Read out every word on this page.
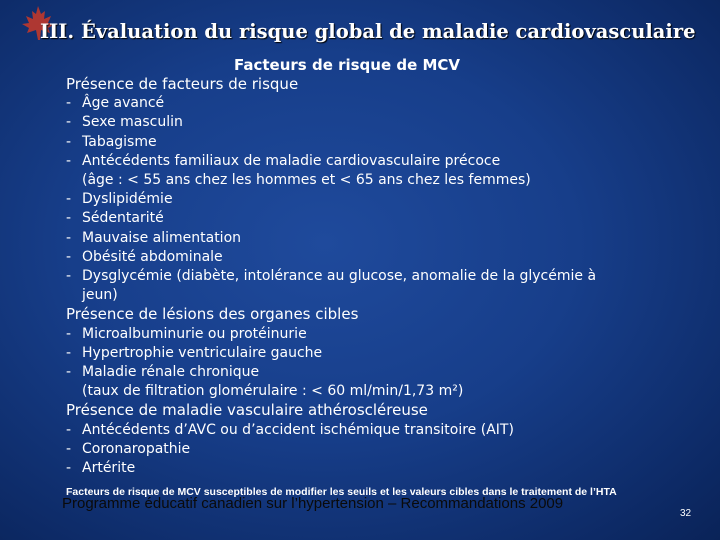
III. Évaluation du risque global de maladie cardiovasculaire
Facteurs de risque de MCV
Présence de facteurs de risque
- Âge avancé
- Sexe masculin
- Tabagisme
- Antécédents familiaux de maladie cardiovasculaire précoce
(âge : < 55 ans chez les hommes et < 65 ans chez les femmes)
- Dyslipidémie
- Sédentarité
- Mauvaise alimentation
- Obésité abdominale
- Dysglycémie (diabète, intolérance au glucose, anomalie de la glycémie à
jeun)
Présence de lésions des organes cibles
- Microalbuminurie ou protéinurie
- Hypertrophie ventriculaire gauche
- Maladie rénale chronique
(taux de filtration glomérulaire : < 60 ml/min/1,73 m²)
Présence de maladie vasculaire athéroscléreuse
- Antécédents d’AVC ou d’accident ischémique transitoire (AIT)
- Coronaropathie
- Artérite
Facteurs de risque de MCV susceptibles de modifier les seuils et les valeurs cibles dans le traitement de l’HTA
Programme éducatif canadien sur l’hypertension – Recommandations 2009
32
